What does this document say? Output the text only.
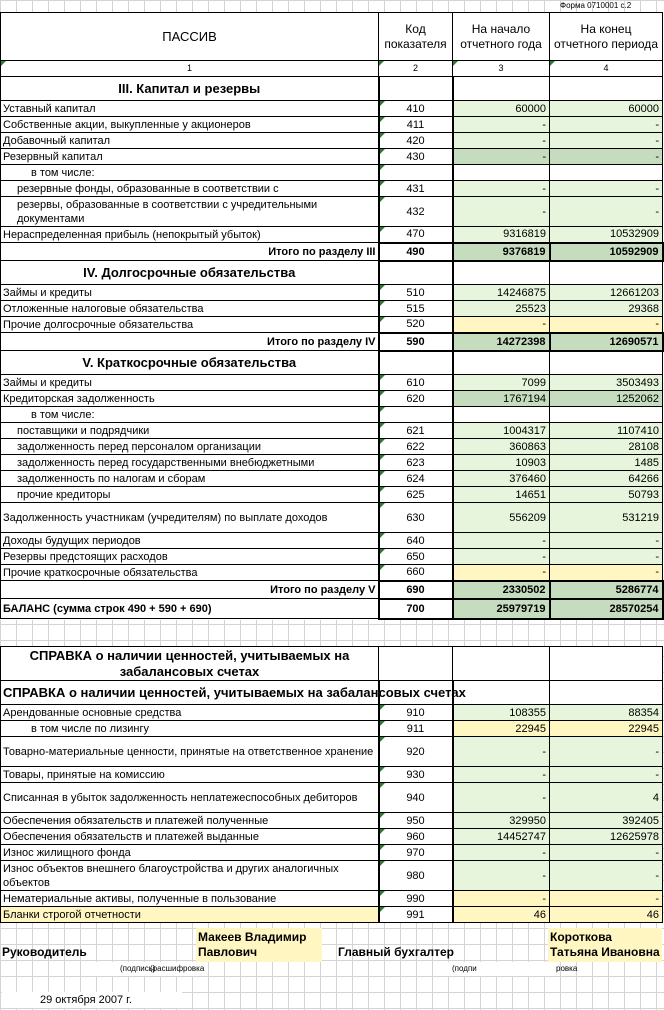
Форма 0710001 с.2
ПАССИВ	Код показателя	На начало отчетного года	На конец отчетного периода
1	2	3	4
III. Капитал и резервы			
Уставный капитал	410	60000	60000
Собственные акции, выкупленные у акционеров	411	-	-
Добавочный капитал	420	-	-
Резервный капитал	430	-	-
в том числе:			
резервные фонды, образованные в соответствии с	431	-	-
резервы, образованные в соответствии с учредительными документами	432	-	-
Нераспределенная прибыль (непокрытый убыток)	470	9316819	10532909
Итого по разделу III	490	9376819	10592909
IV. Долгосрочные обязательства			
Займы и кредиты	510	14246875	12661203
Отложенные налоговые обязательства	515	25523	29368
Прочие долгосрочные обязательства	520	-	-
Итого по разделу IV	590	14272398	12690571
V. Краткосрочные обязательства			
Займы и кредиты	610	7099	3503493
Кредиторская задолженность	620	1767194	1252062
в том числе:			
поставщики и подрядчики	621	1004317	1107410
задолженность перед персоналом организации	622	360863	28108
задолженность перед государственными внебюджетными	623	10903	1485
задолженность по налогам и сборам	624	376460	64266
прочие кредиторы	625	14651	50793
Задолженность участникам (учредителям) по выплате доходов	630	556209	531219
Доходы будущих периодов	640	-	-
Резервы предстоящих расходов	650	-	-
Прочие краткосрочные обязательства	660	-	-
Итого по разделу V	690	2330502	5286774
БАЛАНС (сумма строк 490 + 590 + 690)	700	25979719	28570254
СПРАВКА о наличии ценностей, учитываемых на забалансовых счетах			
СПРАВКА о наличии ценностей, учитываемых на забалансовых счетах			
Арендованные основные средства	910	108355	88354
в том числе по лизингу	911	22945	22945
Товарно-материальные ценности, принятые на ответственное хранение	920	-	-
Товары, принятые на комиссию	930	-	-
Списанная в убыток задолженность неплатежеспособных дебиторов	940	-	4
Обеспечения обязательств и платежей полученные	950	329950	392405
Обеспечения обязательств и платежей выданные	960	14452747	12625978
Износ жилищного фонда	970	-	-
Износ объектов внешнего благоустройства и других аналогичных объектов	980	-	-
Нематериальные активы, полученные в пользование	990	-	-
Бланки строгой отчетности	991	46	46
Руководитель
Макеев Владимир Павлович
(подпись)
(расшифровка
Главный бухгалтер
Короткова Татьяна Ивановна
(подпи	ровка
29 октября 2007 г.
